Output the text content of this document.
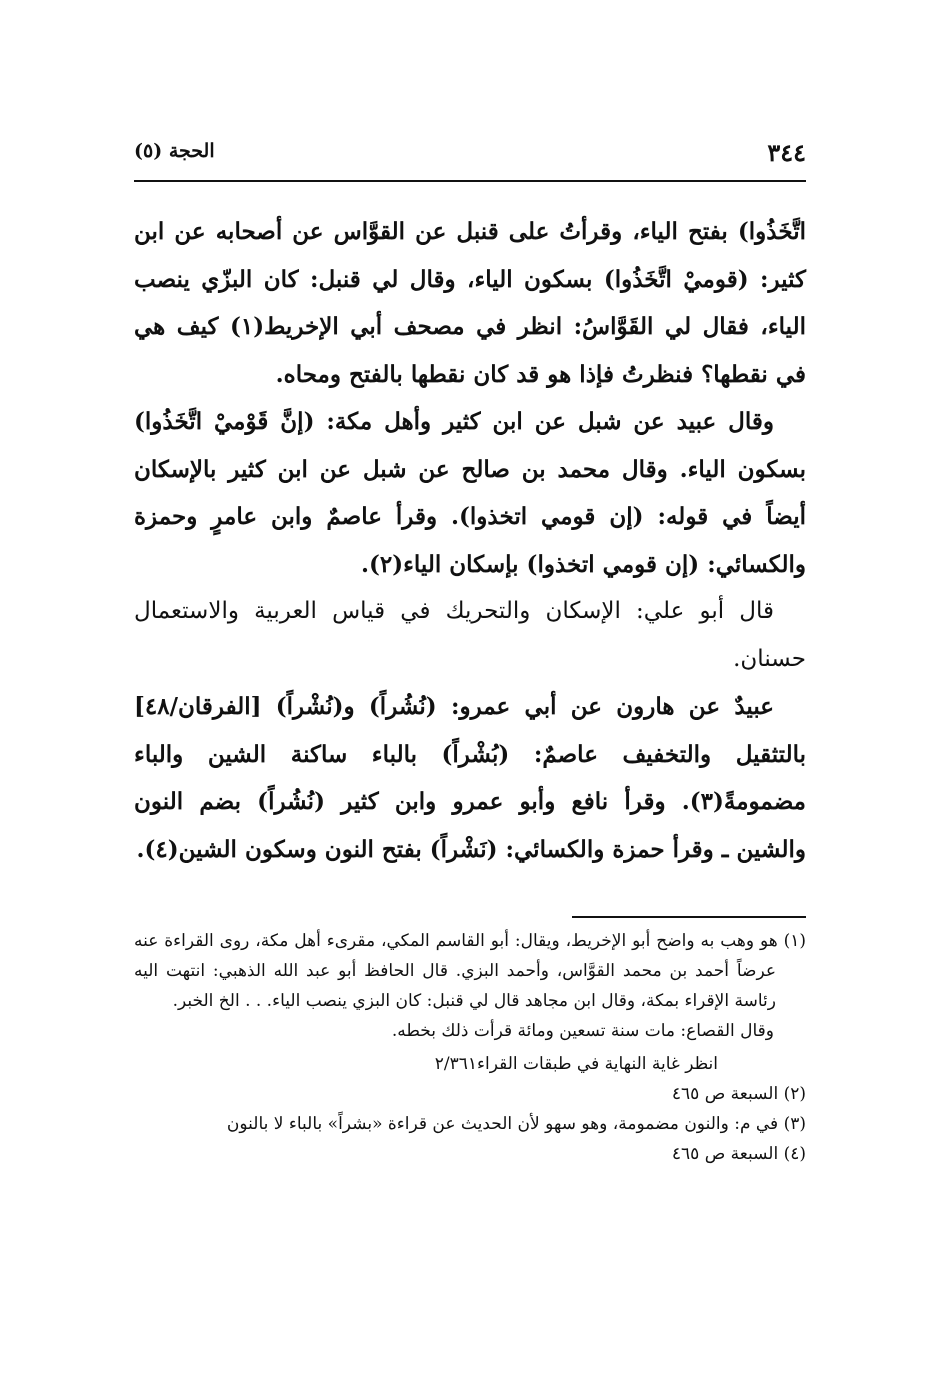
٣٤٤
الحجة (٥)

اتَّخَذُوا) بفتح الياء، وقرأتُ على قنبل عن القوَّاس عن أصحابه عن ابن كثير: (قوميْ اتَّخَذُوا) بسكون الياء، وقال لي قنبل: كان البزّي ينصب الياء، فقال لي القَوَّاسُ: انظر في مصحف أبي الإخريط(١) كيف هي في نقطها؟ فنظرتُ فإذا هو قد كان نقطها بالفتح ومحاه.

وقال عبيد عن شبل عن ابن كثير وأهل مكة: (إنَّ قَوْميْ اتَّخَذُوا) بسكون الياء. وقال محمد بن صالح عن شبل عن ابن كثير بالإسكان أيضاً في قوله: (إن قومي اتخذوا). وقرأ عاصمٌ وابن عامرٍ وحمزة والكسائي: (إن قومي اتخذوا) بإسكان الياء(٢).

قال أبو علي: الإسكان والتحريك في قياس العربية والاستعمال حسنان.

عبيدٌ عن هارون عن أبي عمرو: (نُشُراً) و(نُشْراً) [الفرقان/٤٨] بالتثقيل والتخفيف عاصمٌ: (بُشْراً) بالباء ساكنة الشين والباء مضمومةً(٣). وقرأ نافع وأبو عمرو وابن كثير (نُشُراً) بضم النون والشين ـ وقرأ حمزة والكسائي: (نَشْراً) بفتح النون وسكون الشين(٤).

(١) هو وهب به واضح أبو الإخريط، ويقال: أبو القاسم المكي، مقرىء أهل مكة، روى القراءة عنه عرضاً أحمد بن محمد القوَّاس، وأحمد البزي. قال الحافظ أبو عبد الله الذهبي: انتهت اليه رئاسة الإقراء بمكة، وقال ابن مجاهد قال لي قنبل: كان البزي ينصب الياء. . . الخ الخبر.

وقال القصاع: مات سنة تسعين ومائة قرأت ذلك بخطه.

انظر غاية النهاية في طبقات القراء٢/٣٦١

(٢) السبعة ص ٤٦٥

(٣) في م: والنون مضمومة، وهو سهو لأن الحديث عن قراءة «بشراً» بالباء لا بالنون

(٤) السبعة ص ٤٦٥
